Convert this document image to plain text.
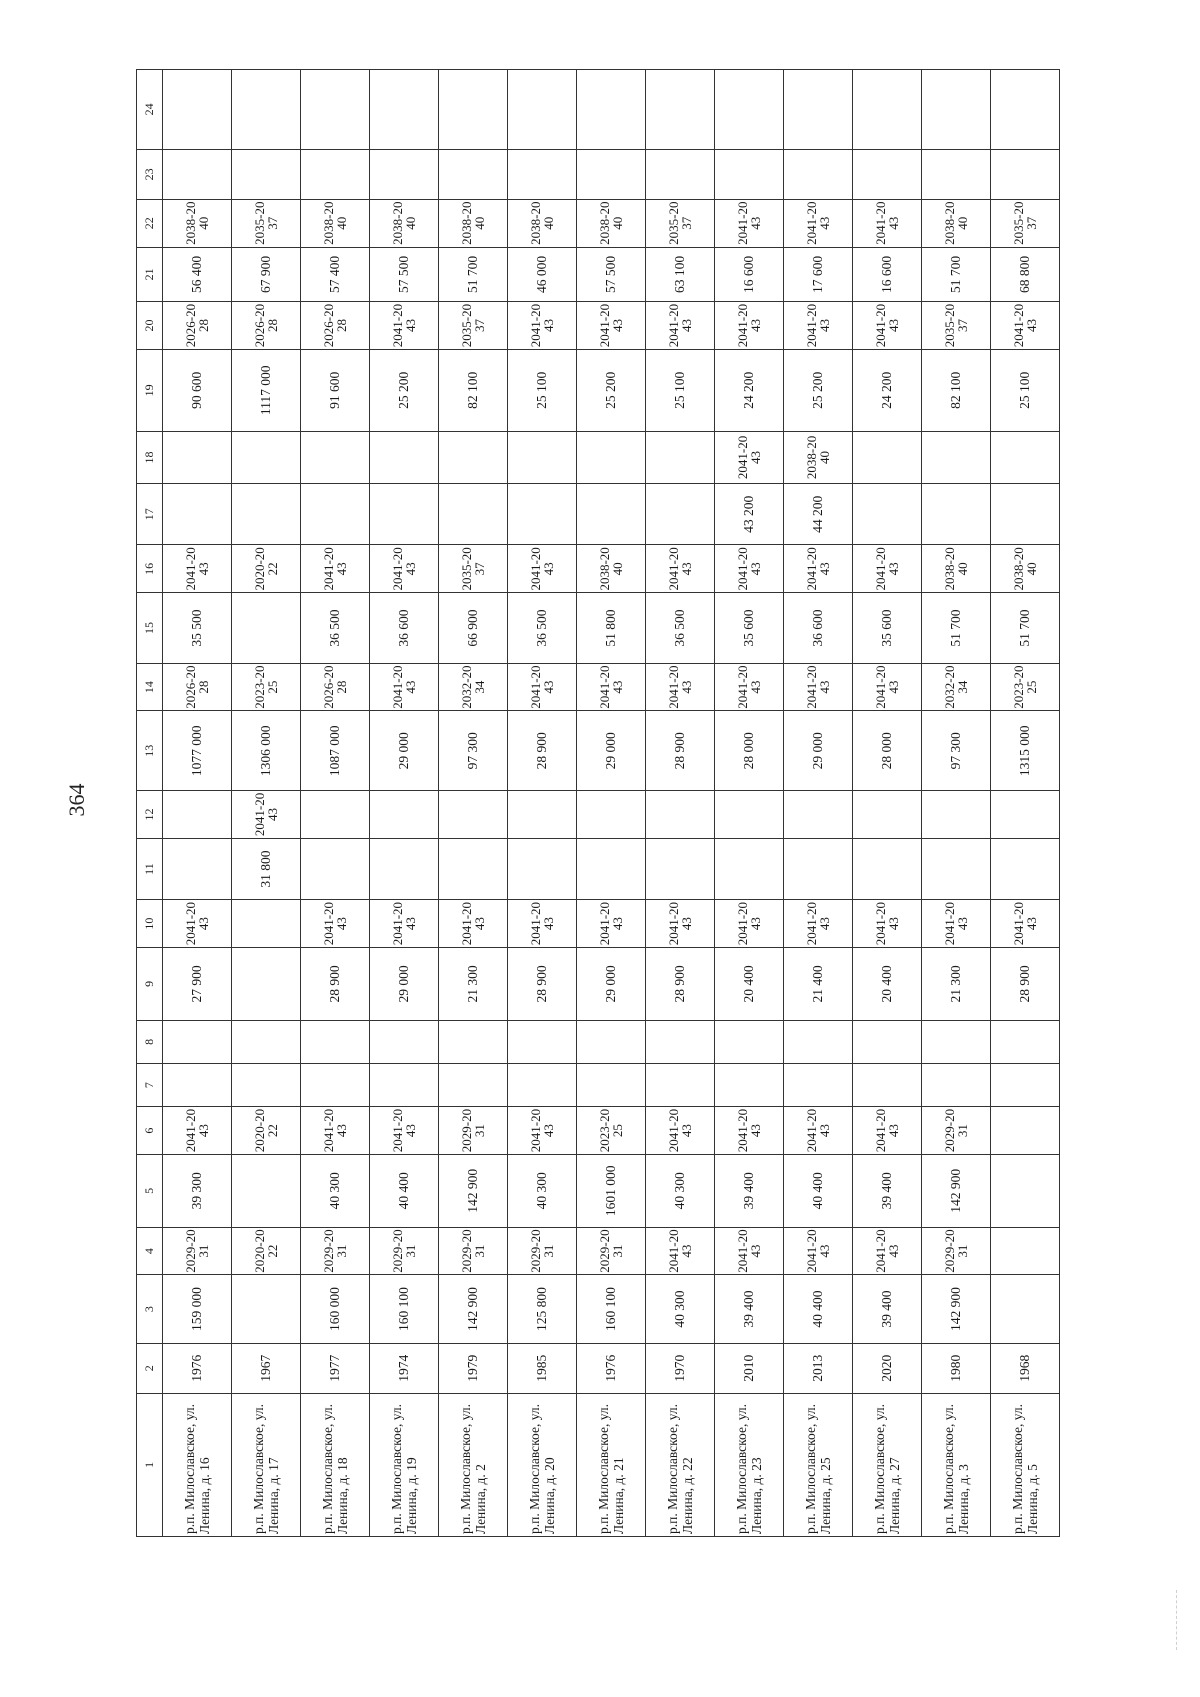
364
1	2	3	4	5	6	7	8	9	10	11	12	13	14	15	16	17	18	19	20	21	22	23	24
р.п. Милославское, ул. Ленина, д. 16	1976	159 000	2029-2031	39 300	2041-2043			27 900	2041-2043			1077 000	2026-2028	35 500	2041-2043			90 600	2026-2028	56 400	2038-2040		
р.п. Милославское, ул. Ленина, д. 17	1967		2020-2022		2020-2022					31 800	2041-2043	1306 000	2023-2025		2020-2022			1117 000	2026-2028	67 900	2035-2037		
р.п. Милославское, ул. Ленина, д. 18	1977	160 000	2029-2031	40 300	2041-2043			28 900	2041-2043			1087 000	2026-2028	36 500	2041-2043			91 600	2026-2028	57 400	2038-2040		
р.п. Милославское, ул. Ленина, д. 19	1974	160 100	2029-2031	40 400	2041-2043			29 000	2041-2043			29 000	2041-2043	36 600	2041-2043			25 200	2041-2043	57 500	2038-2040		
р.п. Милославское, ул. Ленина, д. 2	1979	142 900	2029-2031	142 900	2029-2031			21 300	2041-2043			97 300	2032-2034	66 900	2035-2037			82 100	2035-2037	51 700	2038-2040		
р.п. Милославское, ул. Ленина, д. 20	1985	125 800	2029-2031	40 300	2041-2043			28 900	2041-2043			28 900	2041-2043	36 500	2041-2043			25 100	2041-2043	46 000	2038-2040		
р.п. Милославское, ул. Ленина, д. 21	1976	160 100	2029-2031	1601 000	2023-2025			29 000	2041-2043			29 000	2041-2043	51 800	2038-2040			25 200	2041-2043	57 500	2038-2040		
р.п. Милославское, ул. Ленина, д. 22	1970	40 300	2041-2043	40 300	2041-2043			28 900	2041-2043			28 900	2041-2043	36 500	2041-2043			25 100	2041-2043	63 100	2035-2037		
р.п. Милославское, ул. Ленина, д. 23	2010	39 400	2041-2043	39 400	2041-2043			20 400	2041-2043			28 000	2041-2043	35 600	2041-2043	43 200	2041-2043	24 200	2041-2043	16 600	2041-2043		
р.п. Милославское, ул. Ленина, д. 25	2013	40 400	2041-2043	40 400	2041-2043			21 400	2041-2043			29 000	2041-2043	36 600	2041-2043	44 200	2038-2040	25 200	2041-2043	17 600	2041-2043		
р.п. Милославское, ул. Ленина, д. 27	2020	39 400	2041-2043	39 400	2041-2043			20 400	2041-2043			28 000	2041-2043	35 600	2041-2043			24 200	2041-2043	16 600	2041-2043		
р.п. Милославское, ул. Ленина, д. 3	1980	142 900	2029-2031	142 900	2029-2031			21 300	2041-2043			97 300	2032-2034	51 700	2038-2040			82 100	2035-2037	51 700	2038-2040		
р.п. Милославское, ул. Ленина, д. 5	1968							28 900	2041-2043			1315 000	2023-2025	51 700	2038-2040			25 100	2041-2043	68 800	2035-2037		
